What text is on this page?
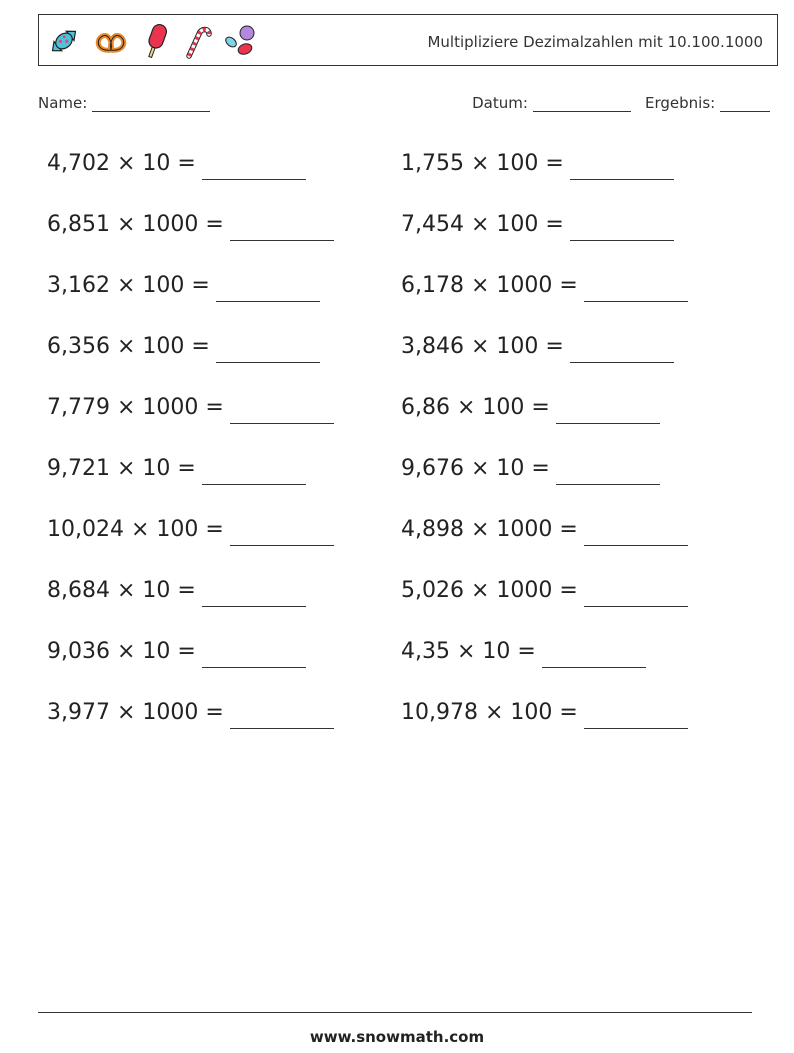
Multipliziere Dezimalzahlen mit 10.100.1000
Name:	Datum:	Ergebnis:
4,702 × 10 =
6,851 × 1000 =
3,162 × 100 =
6,356 × 100 =
7,779 × 1000 =
9,721 × 10 =
10,024 × 100 =
8,684 × 10 =
9,036 × 10 =
3,977 × 1000 =
1,755 × 100 =
7,454 × 100 =
6,178 × 1000 =
3,846 × 100 =
6,86 × 100 =
9,676 × 10 =
4,898 × 1000 =
5,026 × 1000 =
4,35 × 10 =
10,978 × 100 =
www.snowmath.com
